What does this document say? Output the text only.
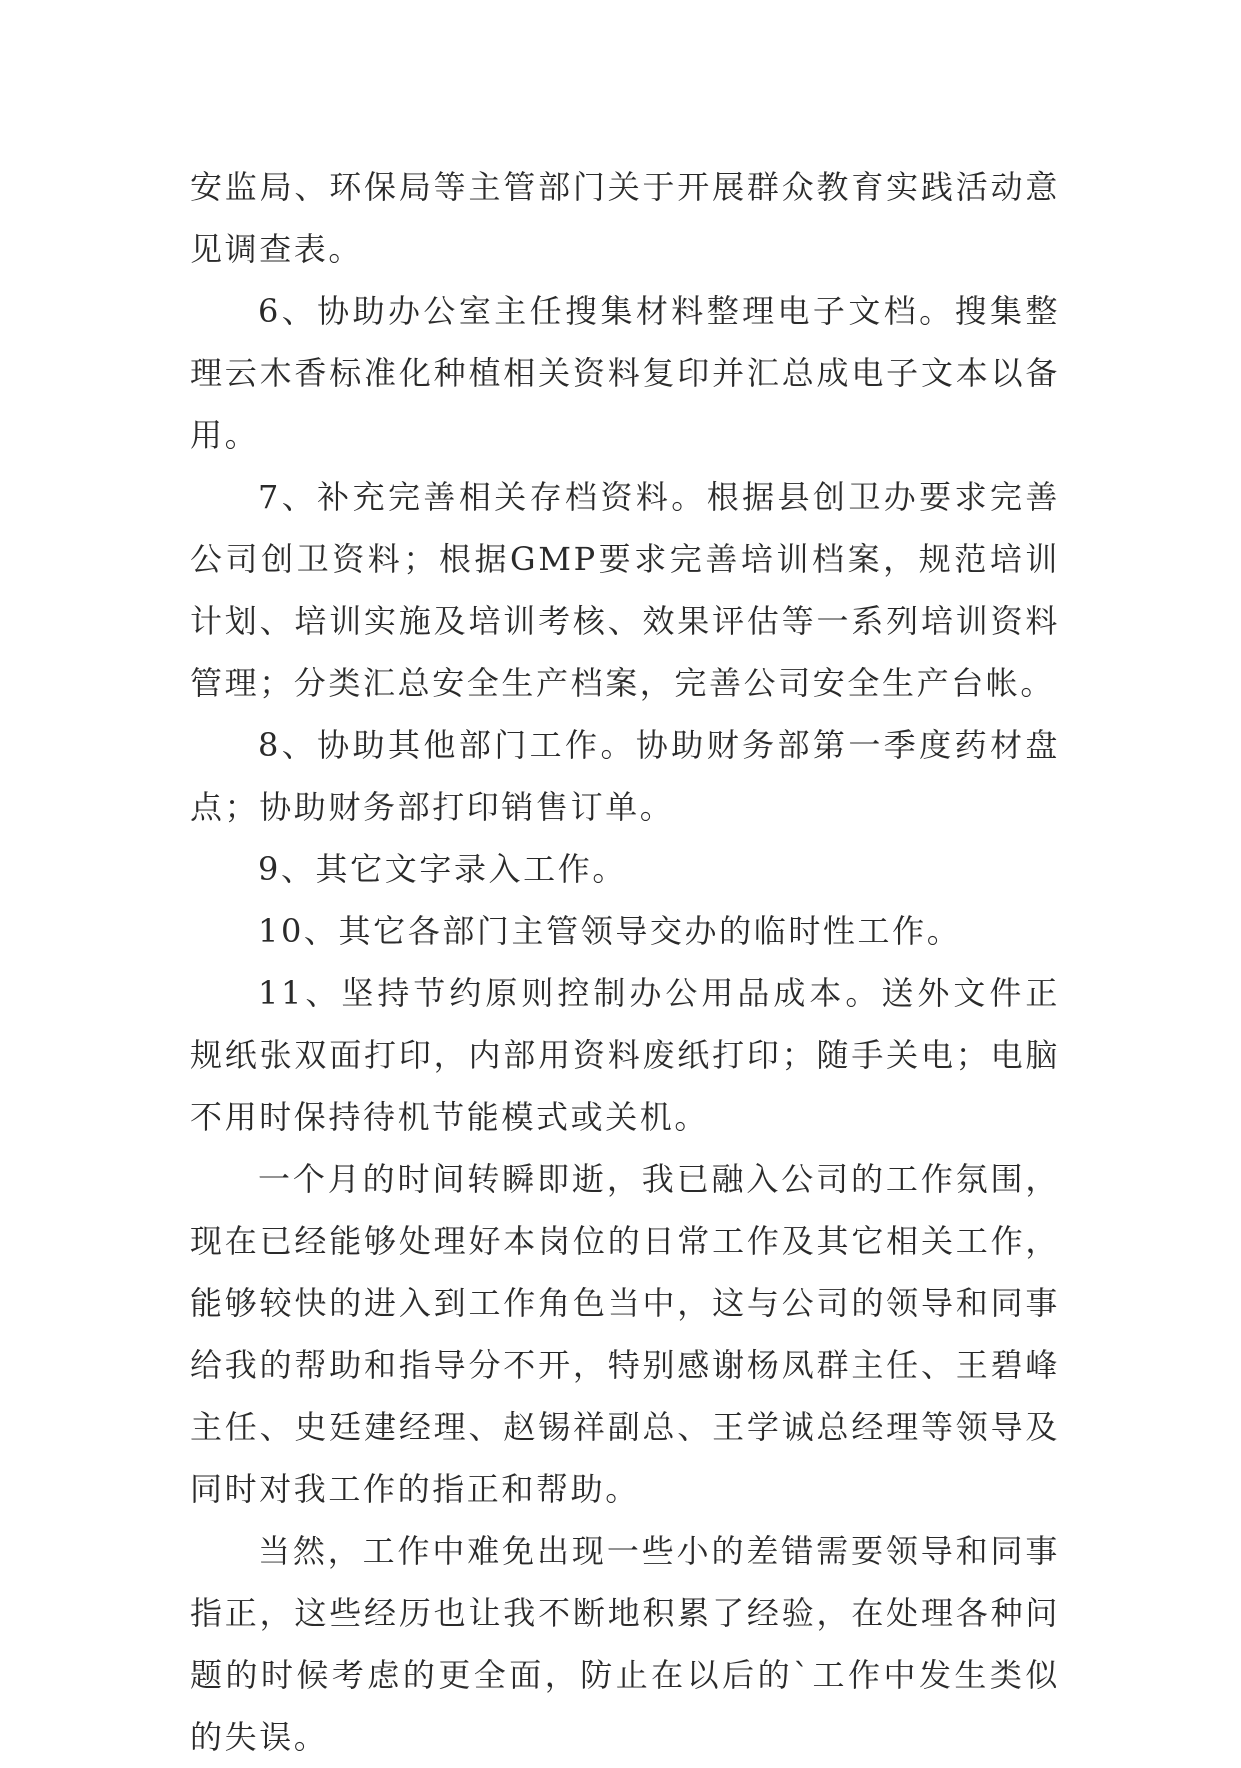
安监局、环保局等主管部门关于开展群众教育实践活动意见调查表。

6、协助办公室主任搜集材料整理电子文档。搜集整理云木香标准化种植相关资料复印并汇总成电子文本以备用。

7、补充完善相关存档资料。根据县创卫办要求完善公司创卫资料；根据GMP要求完善培训档案，规范培训计划、培训实施及培训考核、效果评估等一系列培训资料管理；分类汇总安全生产档案，完善公司安全生产台帐。

8、协助其他部门工作。协助财务部第一季度药材盘点；协助财务部打印销售订单。

9、其它文字录入工作。

10、其它各部门主管领导交办的临时性工作。

11、坚持节约原则控制办公用品成本。送外文件正规纸张双面打印，内部用资料废纸打印；随手关电；电脑不用时保持待机节能模式或关机。

一个月的时间转瞬即逝，我已融入公司的工作氛围，现在已经能够处理好本岗位的日常工作及其它相关工作，能够较快的进入到工作角色当中，这与公司的领导和同事给我的帮助和指导分不开，特别感谢杨凤群主任、王碧峰主任、史廷建经理、赵锡祥副总、王学诚总经理等领导及同时对我工作的指正和帮助。

当然，工作中难免出现一些小的差错需要领导和同事指正，这些经历也让我不断地积累了经验，在处理各种问题的时候考虑的更全面，防止在以后的`工作中发生类似的失误。
